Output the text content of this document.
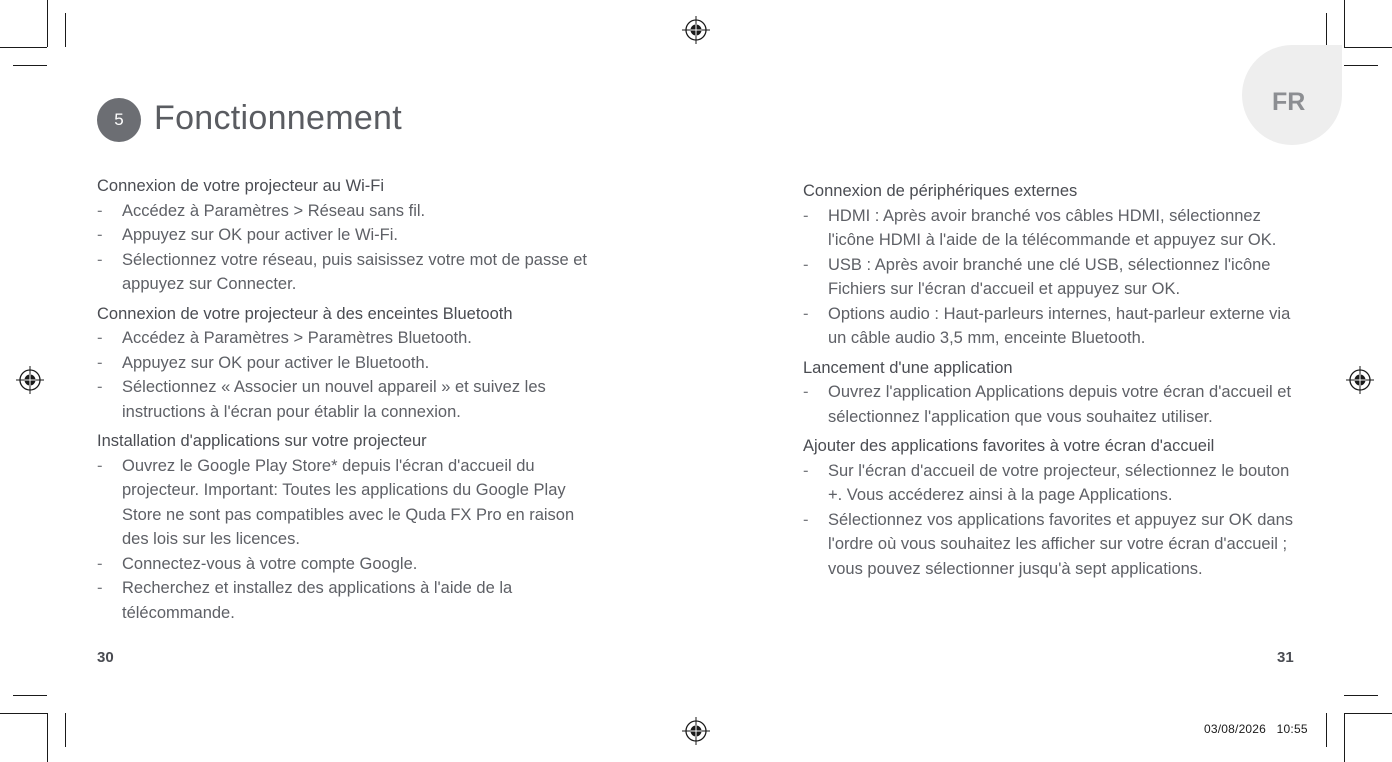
5 Fonctionnement	FR
Connexion de votre projecteur au Wi-Fi
- Accédez à Paramètres > Réseau sans fil.
- Appuyez sur OK pour activer le Wi-Fi.
- Sélectionnez votre réseau, puis saisissez votre mot de passe et appuyez sur Connecter.
Connexion de votre projecteur à des enceintes Bluetooth
- Accédez à Paramètres > Paramètres Bluetooth.
- Appuyez sur OK pour activer le Bluetooth.
- Sélectionnez « Associer un nouvel appareil » et suivez les instructions à l'écran pour établir la connexion.
Installation d'applications sur votre projecteur
- Ouvrez le Google Play Store* depuis l'écran d'accueil du projecteur. Important: Toutes les applications du Google Play Store ne sont pas compatibles avec le Quda FX Pro en raison des lois sur les licences.
- Connectez-vous à votre compte Google.
- Recherchez et installez des applications à l'aide de la télécommande.
Connexion de périphériques externes
- HDMI : Après avoir branché vos câbles HDMI, sélectionnez l'icône HDMI à l'aide de la télécommande et appuyez sur OK.
- USB : Après avoir branché une clé USB, sélectionnez l'icône Fichiers sur l'écran d'accueil et appuyez sur OK.
- Options audio : Haut-parleurs internes, haut-parleur externe via un câble audio 3,5 mm, enceinte Bluetooth.
Lancement d'une application
- Ouvrez l'application Applications depuis votre écran d'accueil et sélectionnez l'application que vous souhaitez utiliser.
Ajouter des applications favorites à votre écran d'accueil
- Sur l'écran d'accueil de votre projecteur, sélectionnez le bouton +. Vous accéderez ainsi à la page Applications.
- Sélectionnez vos applications favorites et appuyez sur OK dans l'ordre où vous souhaitez les afficher sur votre écran d'accueil ; vous pouvez sélectionner jusqu'à sept applications.
30	31
03/08/2026   10:55
